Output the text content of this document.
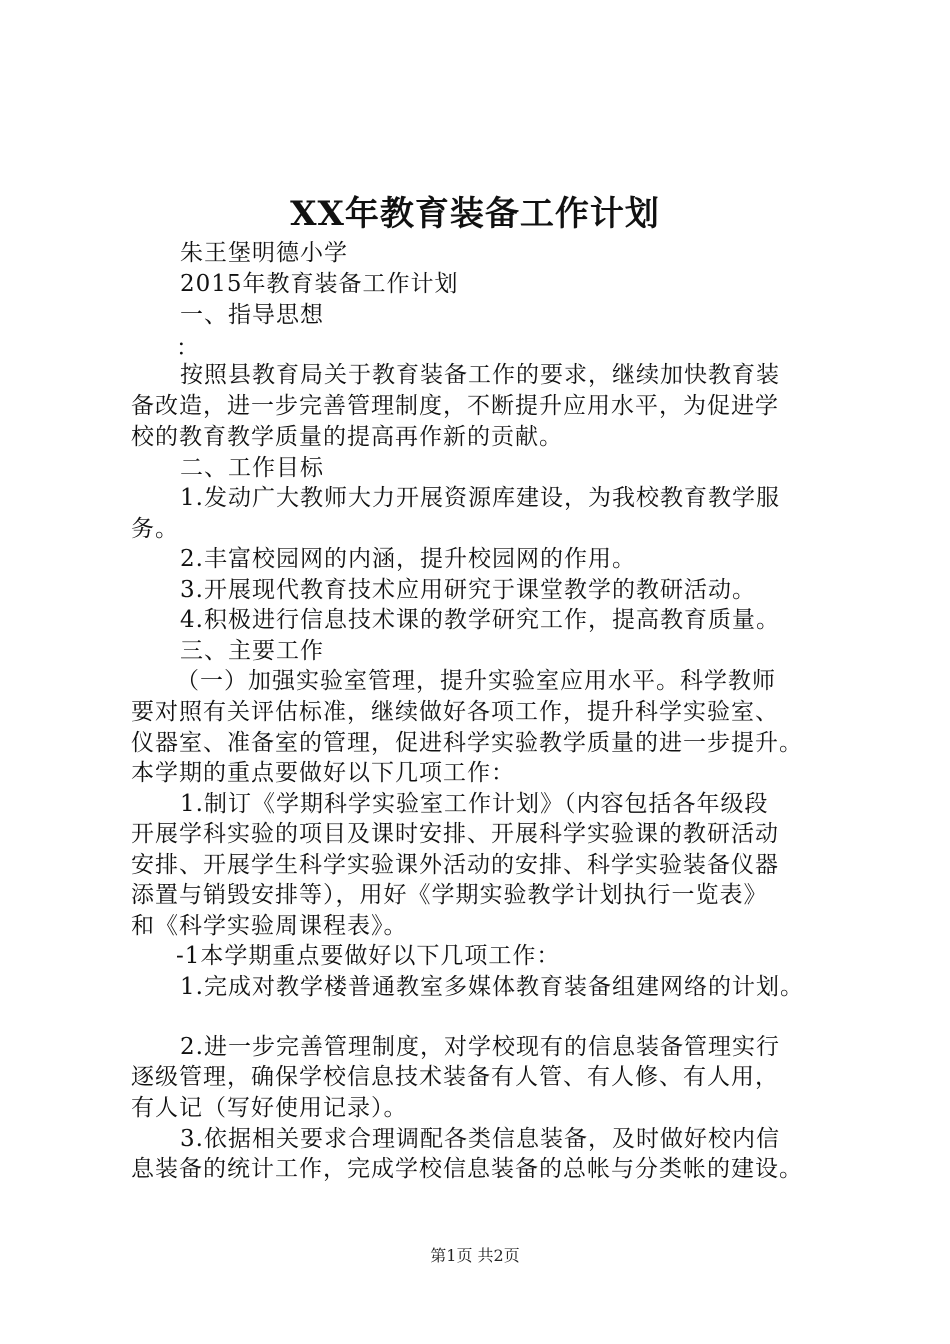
XX年教育装备工作计划
朱王堡明德小学
2015年教育装备工作计划
一、指导思想
：
按照县教育局关于教育装备工作的要求，继续加快教育装
备改造，进一步完善管理制度，不断提升应用水平，为促进学
校的教育教学质量的提高再作新的贡献。
二、工作目标
1.发动广大教师大力开展资源库建设，为我校教育教学服
务。
2.丰富校园网的内涵，提升校园网的作用。
3.开展现代教育技术应用研究于课堂教学的教研活动。
4.积极进行信息技术课的教学研究工作，提高教育质量。
三、主要工作
（一）加强实验室管理，提升实验室应用水平。科学教师
要对照有关评估标准，继续做好各项工作，提升科学实验室、
仪器室、准备室的管理，促进科学实验教学质量的进一步提升。
本学期的重点要做好以下几项工作：
1.制订《学期科学实验室工作计划》（内容包括各年级段
开展学科实验的项目及课时安排、开展科学实验课的教研活动
安排、开展学生科学实验课外活动的安排、科学实验装备仪器
添置与销毁安排等），用好《学期实验教学计划执行一览表》
和《科学实验周课程表》。
-1本学期重点要做好以下几项工作：
1.完成对教学楼普通教室多媒体教育装备组建网络的计划。
2.进一步完善管理制度，对学校现有的信息装备管理实行
逐级管理，确保学校信息技术装备有人管、有人修、有人用，
有人记（写好使用记录）。
3.依据相关要求合理调配各类信息装备，及时做好校内信
息装备的统计工作，完成学校信息装备的总帐与分类帐的建设。
第1页 共2页
